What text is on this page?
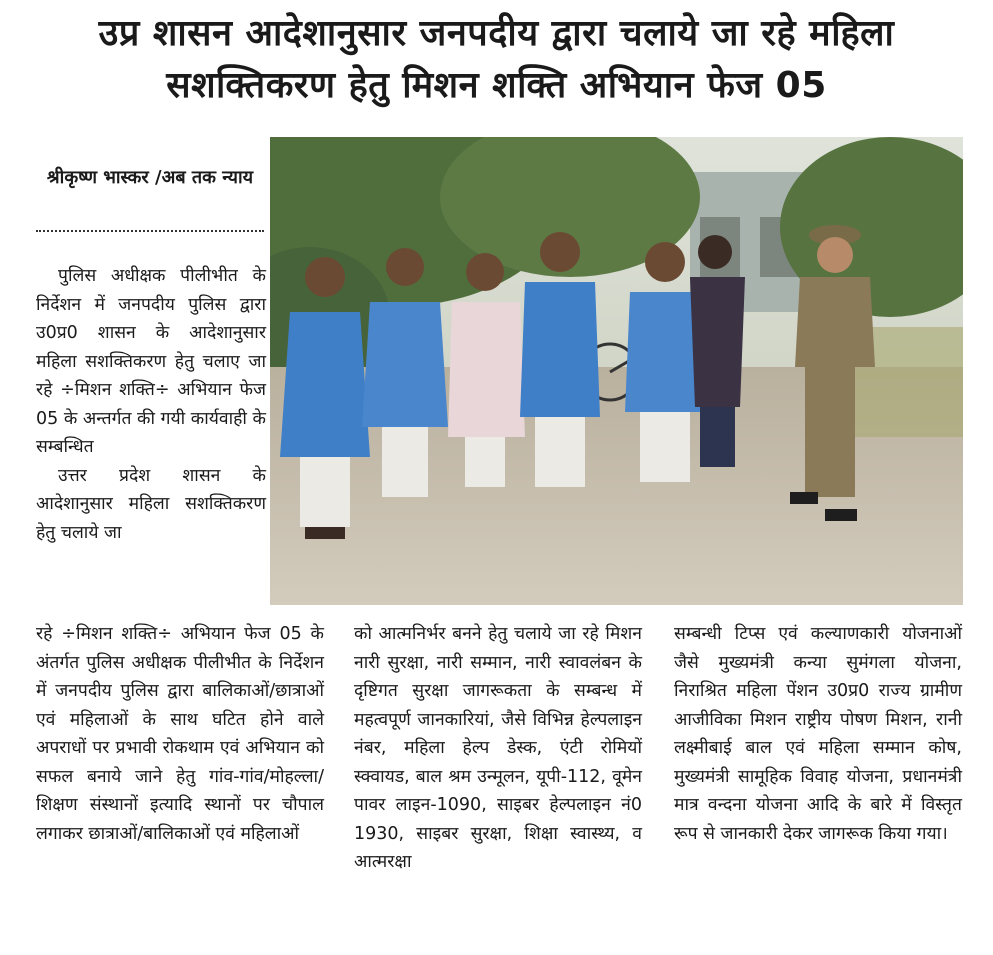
उप्र शासन आदेशानुसार जनपदीय द्वारा चलाये जा रहे महिला
सशक्तिकरण हेतु मिशन शक्ति अभियान फेज 05
श्रीकृष्ण भास्कर /अब तक न्याय

पुलिस अधीक्षक पीलीभीत के निर्देशन में जनपदीय पुलिस द्वारा उ0प्र0 शासन के आदेशानुसार महिला सशक्तिकरण हेतु चलाए जा रहे ÷मिशन शक्ति÷ अभियान फेज 05 के अन्तर्गत की गयी कार्यवाही के सम्बन्धित

उत्तर प्रदेश शासन के आदेशानुसार महिला सशक्तिकरण हेतु चलाये जा

रहे ÷मिशन शक्ति÷ अभियान फेज 05 के अंतर्गत पुलिस अधीक्षक पीलीभीत के निर्देशन में जनपदीय पुलिस द्वारा बालिकाओं/छात्राओं एवं महिलाओं के साथ घटित होने वाले अपराधों पर प्रभावी रोकथाम एवं अभियान को सफल बनाये जाने हेतु गांव-गांव/मोहल्ला/शिक्षण संस्थानों इत्यादि स्थानों पर चौपाल लगाकर छात्राओं/बालिकाओं एवं महिलाओं
को आत्मनिर्भर बनने हेतु चलाये जा रहे मिशन नारी सुरक्षा, नारी सम्मान, नारी स्वावलंबन के दृष्टिगत सुरक्षा जागरूकता के सम्बन्ध में महत्वपूर्ण जानकारियां, जैसे विभिन्न हेल्पलाइन नंबर, महिला हेल्प डेस्क, एंटी रोमियों स्क्वायड, बाल श्रम उन्मूलन, यूपी-112, वूमेन पावर लाइन-1090, साइबर हेल्पलाइन नं0 1930, साइबर सुरक्षा, शिक्षा स्वास्थ्य, व आत्मरक्षा
सम्बन्धी टिप्स एवं कल्याणकारी योजनाओं जैसे मुख्यमंत्री कन्या सुमंगला योजना, निराश्रित महिला पेंशन उ0प्र0 राज्य ग्रामीण आजीविका मिशन राष्ट्रीय पोषण मिशन, रानी लक्ष्मीबाई बाल एवं महिला सम्मान कोष, मुख्यमंत्री सामूहिक विवाह योजना, प्रधानमंत्री मात्र वन्दना योजना आदि के बारे में विस्तृत रूप से जानकारी देकर जागरूक किया गया।
